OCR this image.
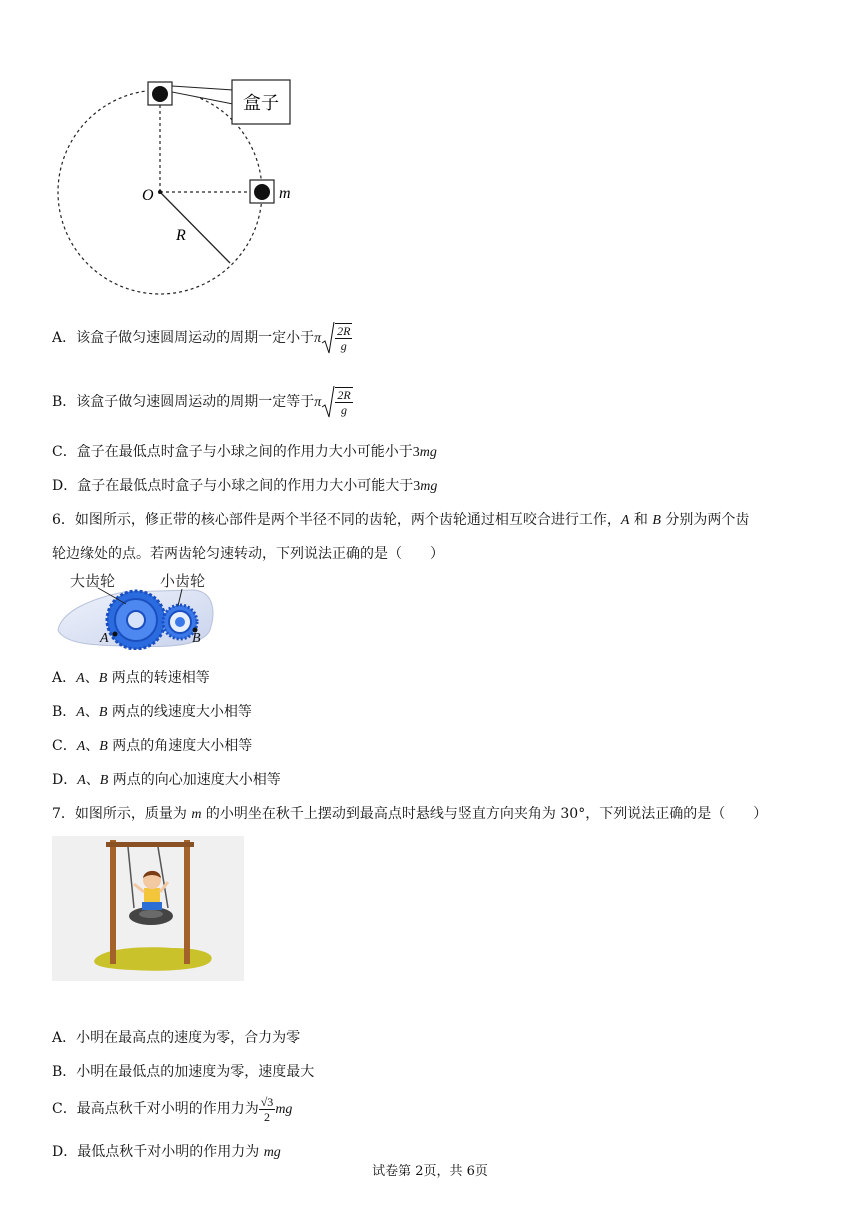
盒子
O	m
R
A．该盒子做匀速圆周运动的周期一定小于π $\frac{2R}{g}$
B．该盒子做匀速圆周运动的周期一定等于π $\frac{2R}{g}$
C．盒子在最低点时盒子与小球之间的作用力大小可能小于3mg
D．盒子在最低点时盒子与小球之间的作用力大小可能大于3mg
6．如图所示，修正带的核心部件是两个半径不同的齿轮，两个齿轮通过相互咬合进行工作，A 和 B 分别为两个齿
轮边缘处的点。若两齿轮匀速转动，下列说法正确的是（　　）
大齿轮	小齿轮
A	B
A．A、B 两点的转速相等
B．A、B 两点的线速度大小相等
C．A、B 两点的角速度大小相等
D．A、B 两点的向心加速度大小相等
7．如图所示，质量为 m 的小明坐在秋千上摆动到最高点时悬线与竖直方向夹角为 30°，下列说法正确的是（　　）
A．小明在最高点的速度为零，合力为零
B．小明在最低点的加速度为零，速度最大
C．最高点秋千对小明的作用力为 $\frac{√3}{2}$ mg
D．最低点秋千对小明的作用力为 mg
试卷第 2页，共 6页
